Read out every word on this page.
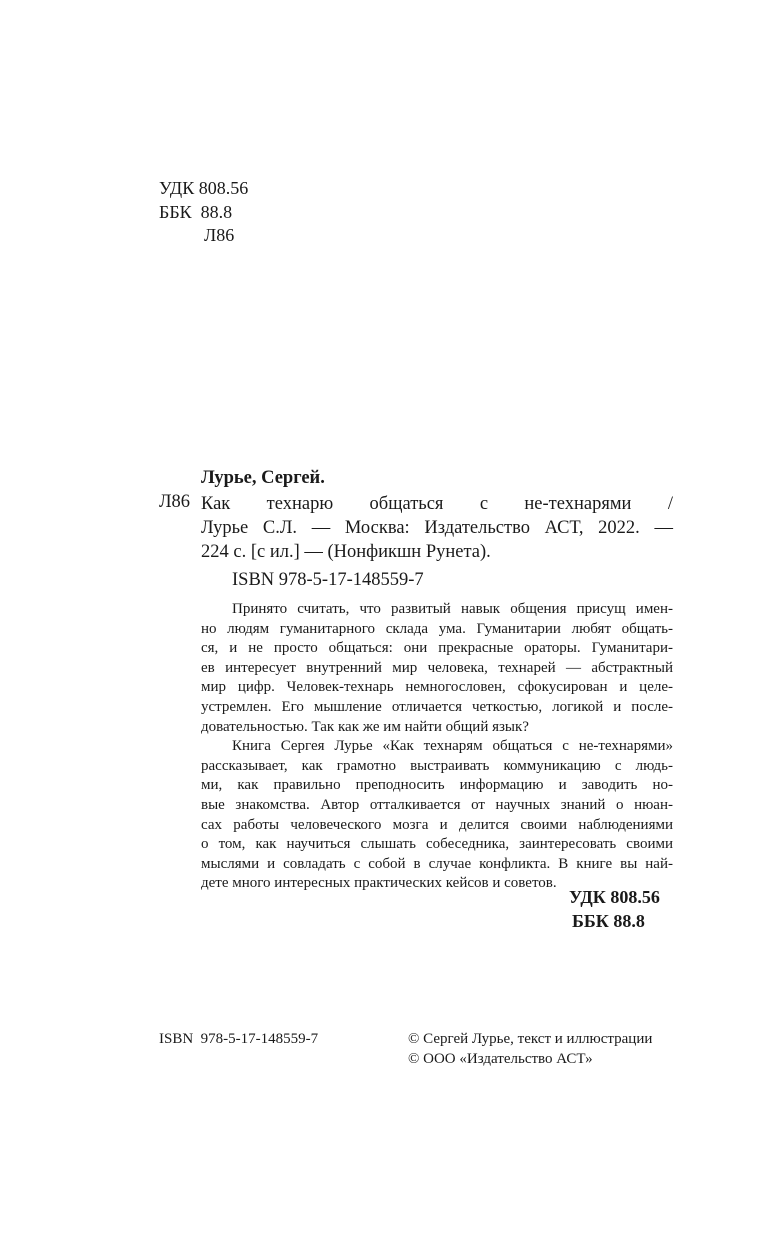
УДК 808.56
ББК  88.8
Л86
Лурье, Сергей.
Л86 Как  технарю  общаться  с  не-технарями  /
Лурье С.Л. — Москва: Издательство АСТ, 2022. —
224 с. [с ил.] — (Нонфикшн Рунета).
ISBN 978-5-17-148559-7
Принято считать, что развитый навык общения присущ имен-
но людям гуманитарного склада ума. Гуманитарии любят общать-
ся, и не просто общаться: они прекрасные ораторы. Гуманитари-
ев интересует внутренний мир человека, технарей — абстрактный
мир цифр. Человек-технарь немногословен, сфокусирован и целе-
устремлен. Его мышление отличается четкостью, логикой и после-
довательностью. Так как же им найти общий язык?
Книга Сергея Лурье «Как технарям общаться с не-технарями»
рассказывает, как грамотно выстраивать коммуникацию с людь-
ми, как правильно преподносить информацию и заводить но-
вые знакомства. Автор отталкивается от научных знаний о нюан-
сах работы человеческого мозга и делится своими наблюдениями
о том, как научиться слышать собеседника, заинтересовать своими
мыслями и совладать с собой в случае конфликта. В книге вы най-
дете много интересных практических кейсов и советов.
УДК 808.56
ББК 88.8
ISBN  978-5-17-148559-7	© Сергей Лурье, текст и иллюстрации
© ООО «Издательство АСТ»
